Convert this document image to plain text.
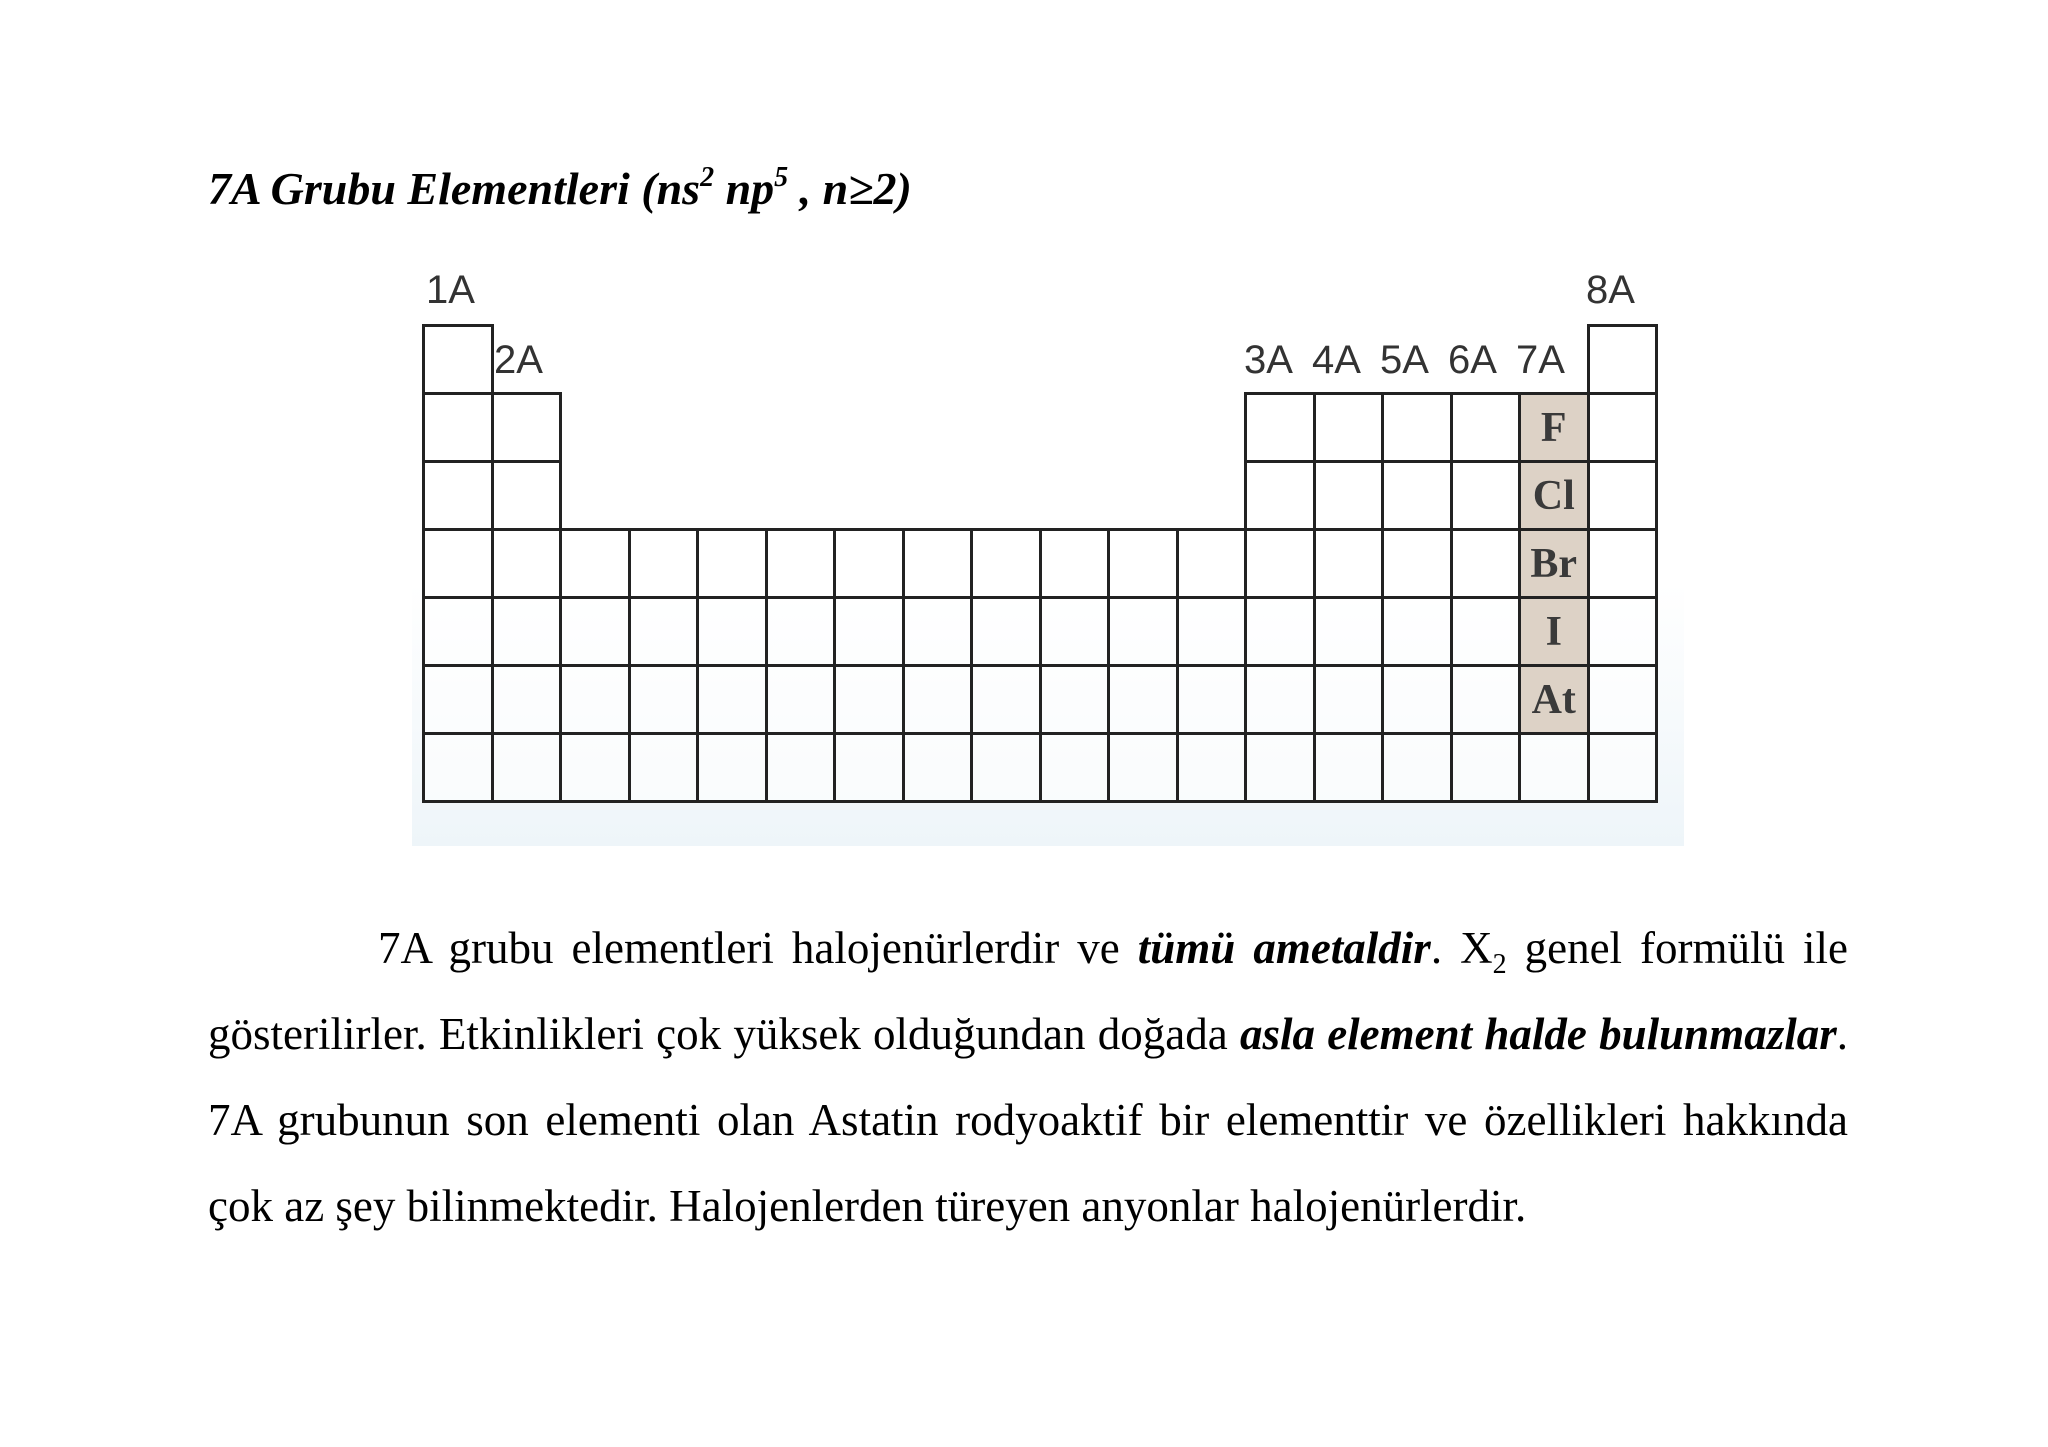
7A Grubu Elementleri ($ns^2$ $np^5$ , n≥2)
1A
2A	3A 4A 5A 6A 7A
8A
F
Cl
Br
I
At
7A grubu elementleri halojenürlerdir ve tümü ametaldir. $X_2$ genel formülü ile gösterilirler. Etkinlikleri çok yüksek olduğundan doğada asla element halde bulunmazlar. 7A grubunun son elementi olan Astatin rodyoaktif bir elementtir ve özellikleri hakkında çok az şey bilinmektedir. Halojenlerden türeyen anyonlar halojenürlerdir.
